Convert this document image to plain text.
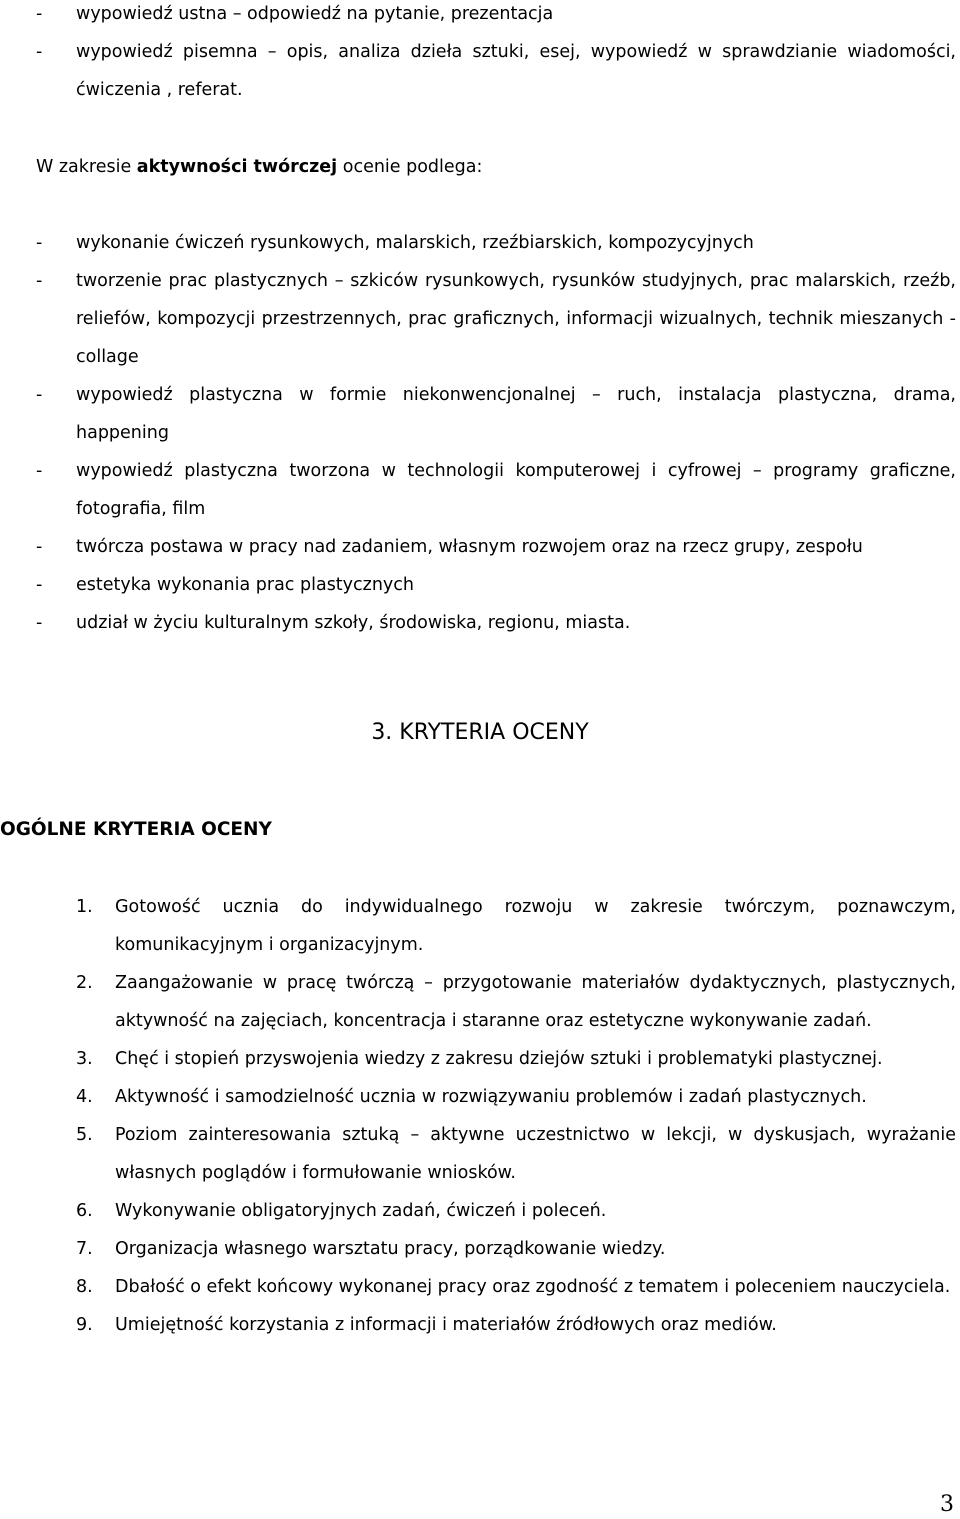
-	wypowiedź ustna – odpowiedź na pytanie, prezentacja
-	wypowiedź pisemna – opis, analiza dzieła sztuki, esej, wypowiedź w sprawdzianie wiadomości, ćwiczenia , referat.

W zakresie aktywności twórczej ocenie podlega:

-	wykonanie ćwiczeń rysunkowych, malarskich, rzeźbiarskich, kompozycyjnych
-	tworzenie prac plastycznych – szkiców rysunkowych, rysunków studyjnych, prac malarskich, rzeźb, reliefów, kompozycji przestrzennych, prac graficznych, informacji wizualnych, technik mieszanych - collage
-	wypowiedź plastyczna w formie niekonwencjonalnej – ruch, instalacja plastyczna, drama, happening
-	wypowiedź plastyczna tworzona w technologii komputerowej i cyfrowej – programy graficzne, fotografia, film
-	twórcza postawa w pracy nad zadaniem, własnym rozwojem oraz na rzecz grupy, zespołu
-	estetyka wykonania prac plastycznych
-	udział w życiu kulturalnym szkoły, środowiska, regionu, miasta.
3. KRYTERIA OCENY
OGÓLNE KRYTERIA OCENY
1.	Gotowość ucznia do indywidualnego rozwoju w zakresie twórczym, poznawczym, komunikacyjnym i organizacyjnym.
2.	Zaangażowanie w pracę twórczą – przygotowanie materiałów dydaktycznych, plastycznych, aktywność na zajęciach, koncentracja i staranne oraz estetyczne wykonywanie zadań.
3.	Chęć i stopień przyswojenia wiedzy z zakresu dziejów sztuki i problematyki plastycznej.
4.	Aktywność i samodzielność ucznia w rozwiązywaniu problemów i zadań plastycznych.
5.	Poziom zainteresowania sztuką – aktywne uczestnictwo w lekcji, w dyskusjach, wyrażanie własnych poglądów i formułowanie wniosków.
6.	Wykonywanie obligatoryjnych zadań, ćwiczeń i poleceń.
7.	Organizacja własnego warsztatu pracy, porządkowanie wiedzy.
8.	Dbałość o efekt końcowy wykonanej pracy oraz zgodność z tematem i poleceniem nauczyciela.
9.	Umiejętność korzystania z informacji i materiałów źródłowych oraz mediów.

3
